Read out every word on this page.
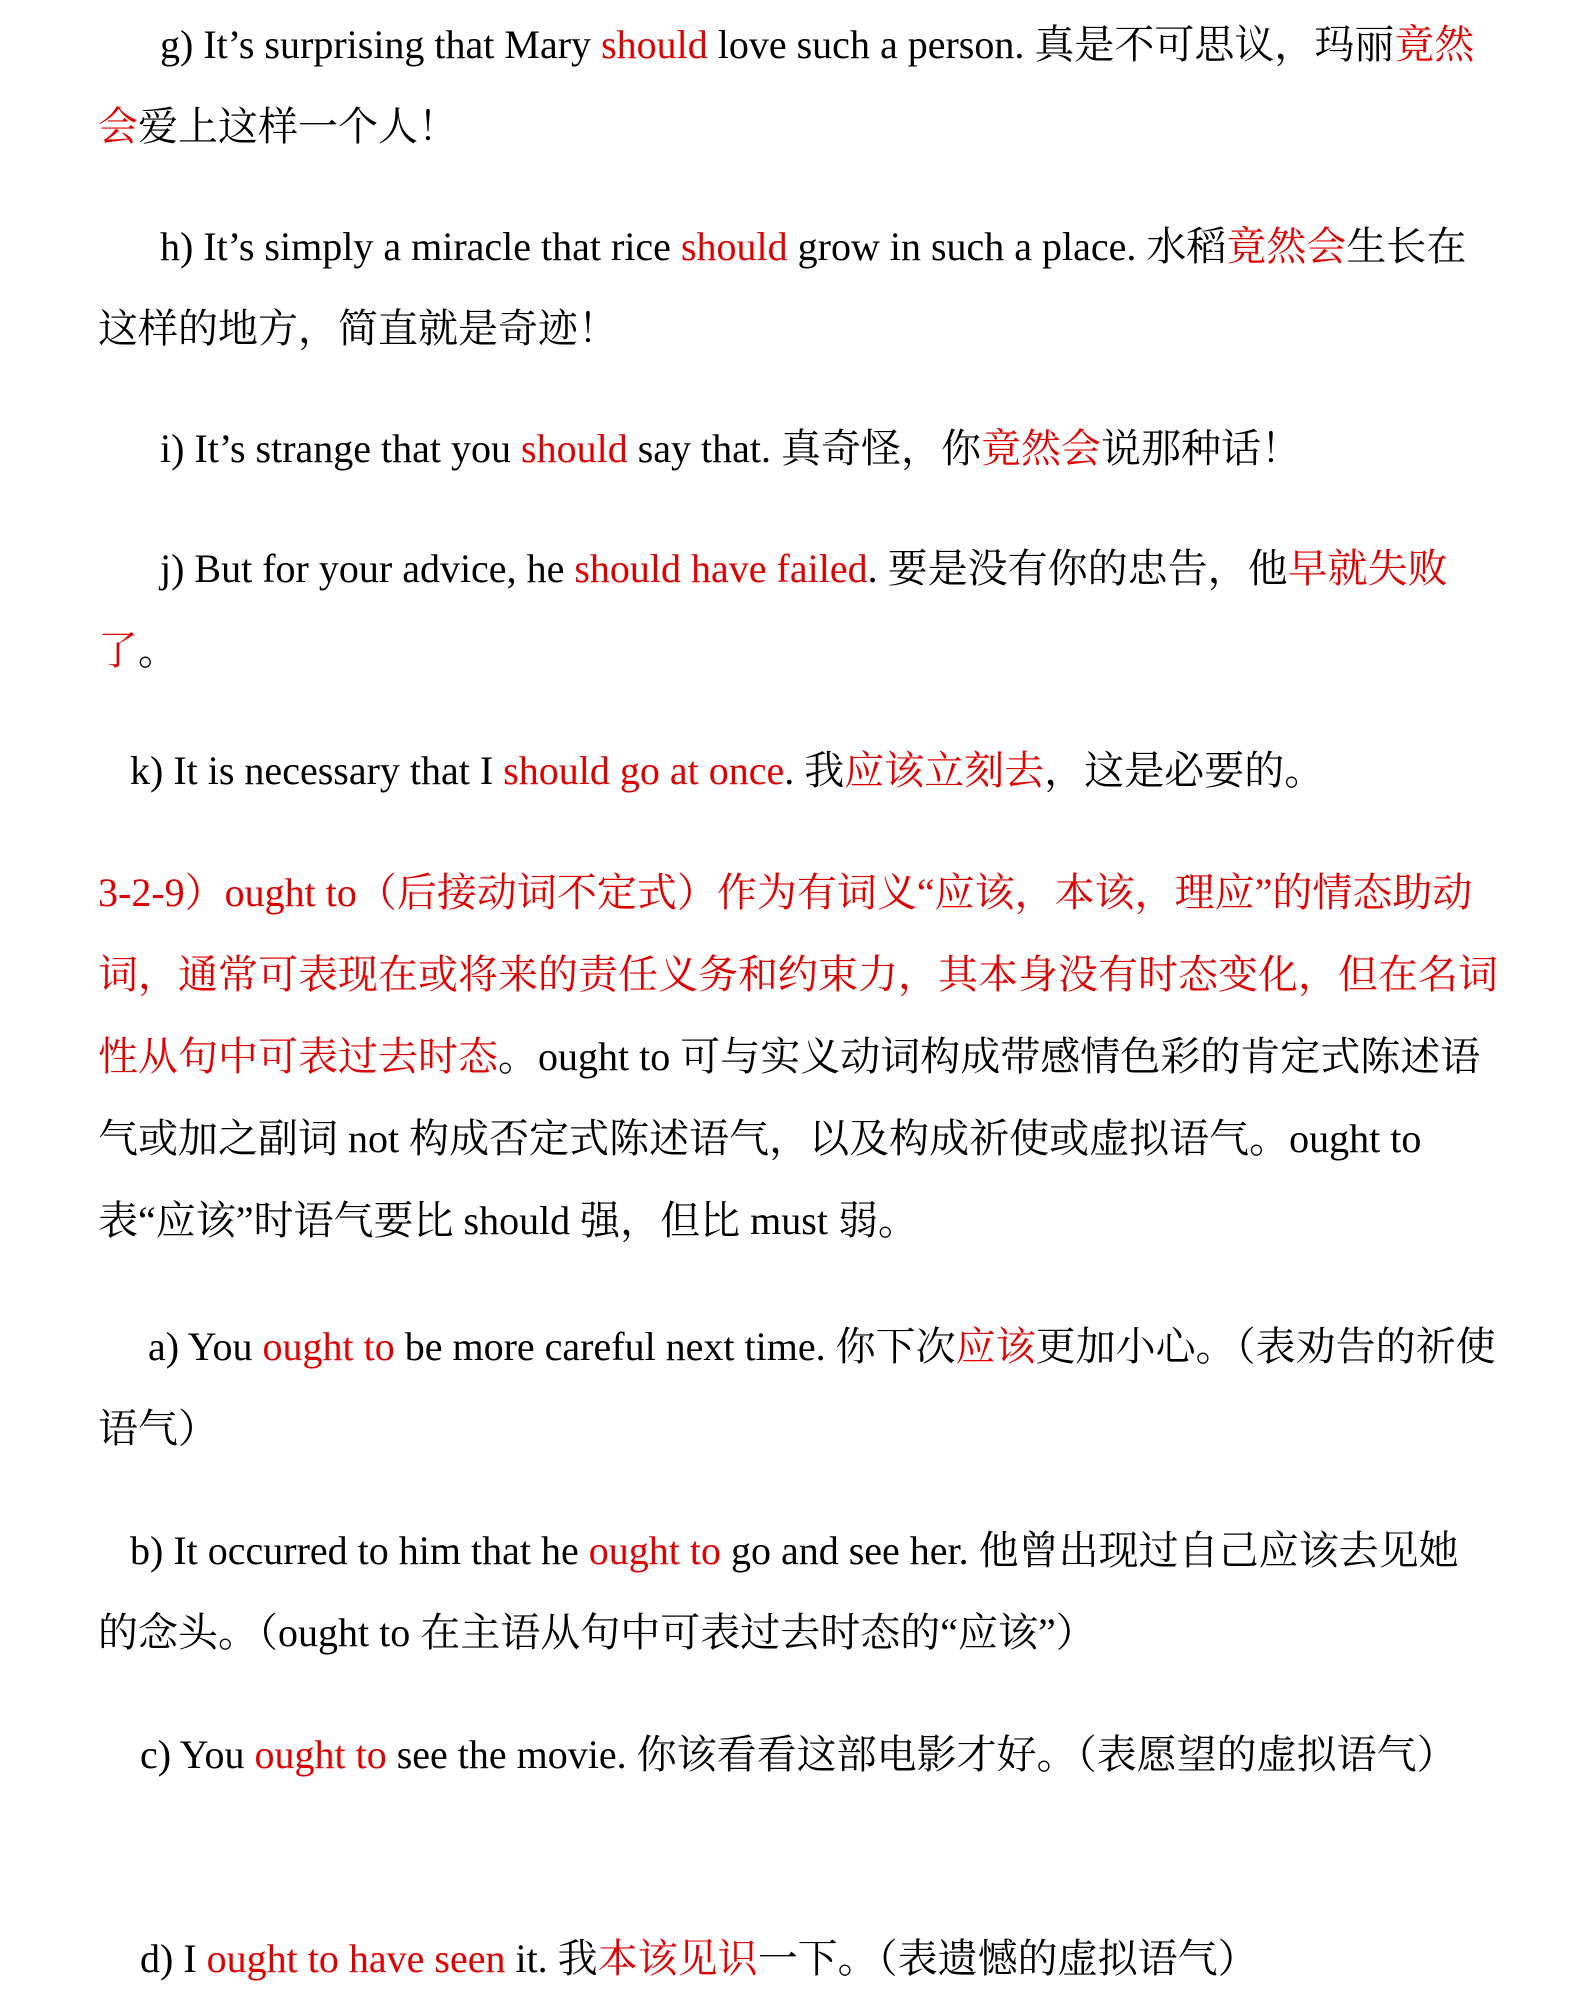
g) It’s surprising that Mary should love such a person. 真是不可思议，玛丽竟然会爱上这样一个人！

h) It’s simply a miracle that rice should grow in such a place. 水稻竟然会生长在这样的地方，简直就是奇迹！

i) It’s strange that you should say that. 真奇怪，你竟然会说那种话！

j) But for your advice, he should have failed. 要是没有你的忠告，他早就失败了。

k) It is necessary that I should go at once. 我应该立刻去，这是必要的。

3-2-9）ought to（后接动词不定式）作为有词义“应该，本该，理应”的情态助动词，通常可表现在或将来的责任义务和约束力，其本身没有时态变化，但在名词性从句中可表过去时态。ought to 可与实义动词构成带感情色彩的肯定式陈述语气或加之副词 not 构成否定式陈述语气，以及构成祈使或虚拟语气。ought to 表“应该”时语气要比 should 强，但比 must 弱。

a) You ought to be more careful next time. 你下次应该更加小心。（表劝告的祈使语气）

b) It occurred to him that he ought to go and see her. 他曾出现过自己应该去见她的念头。（ought to 在主语从句中可表过去时态的“应该”）

c) You ought to see the movie. 你该看看这部电影才好。（表愿望的虚拟语气）

d) I ought to have seen it. 我本该见识一下。（表遗憾的虚拟语气）
